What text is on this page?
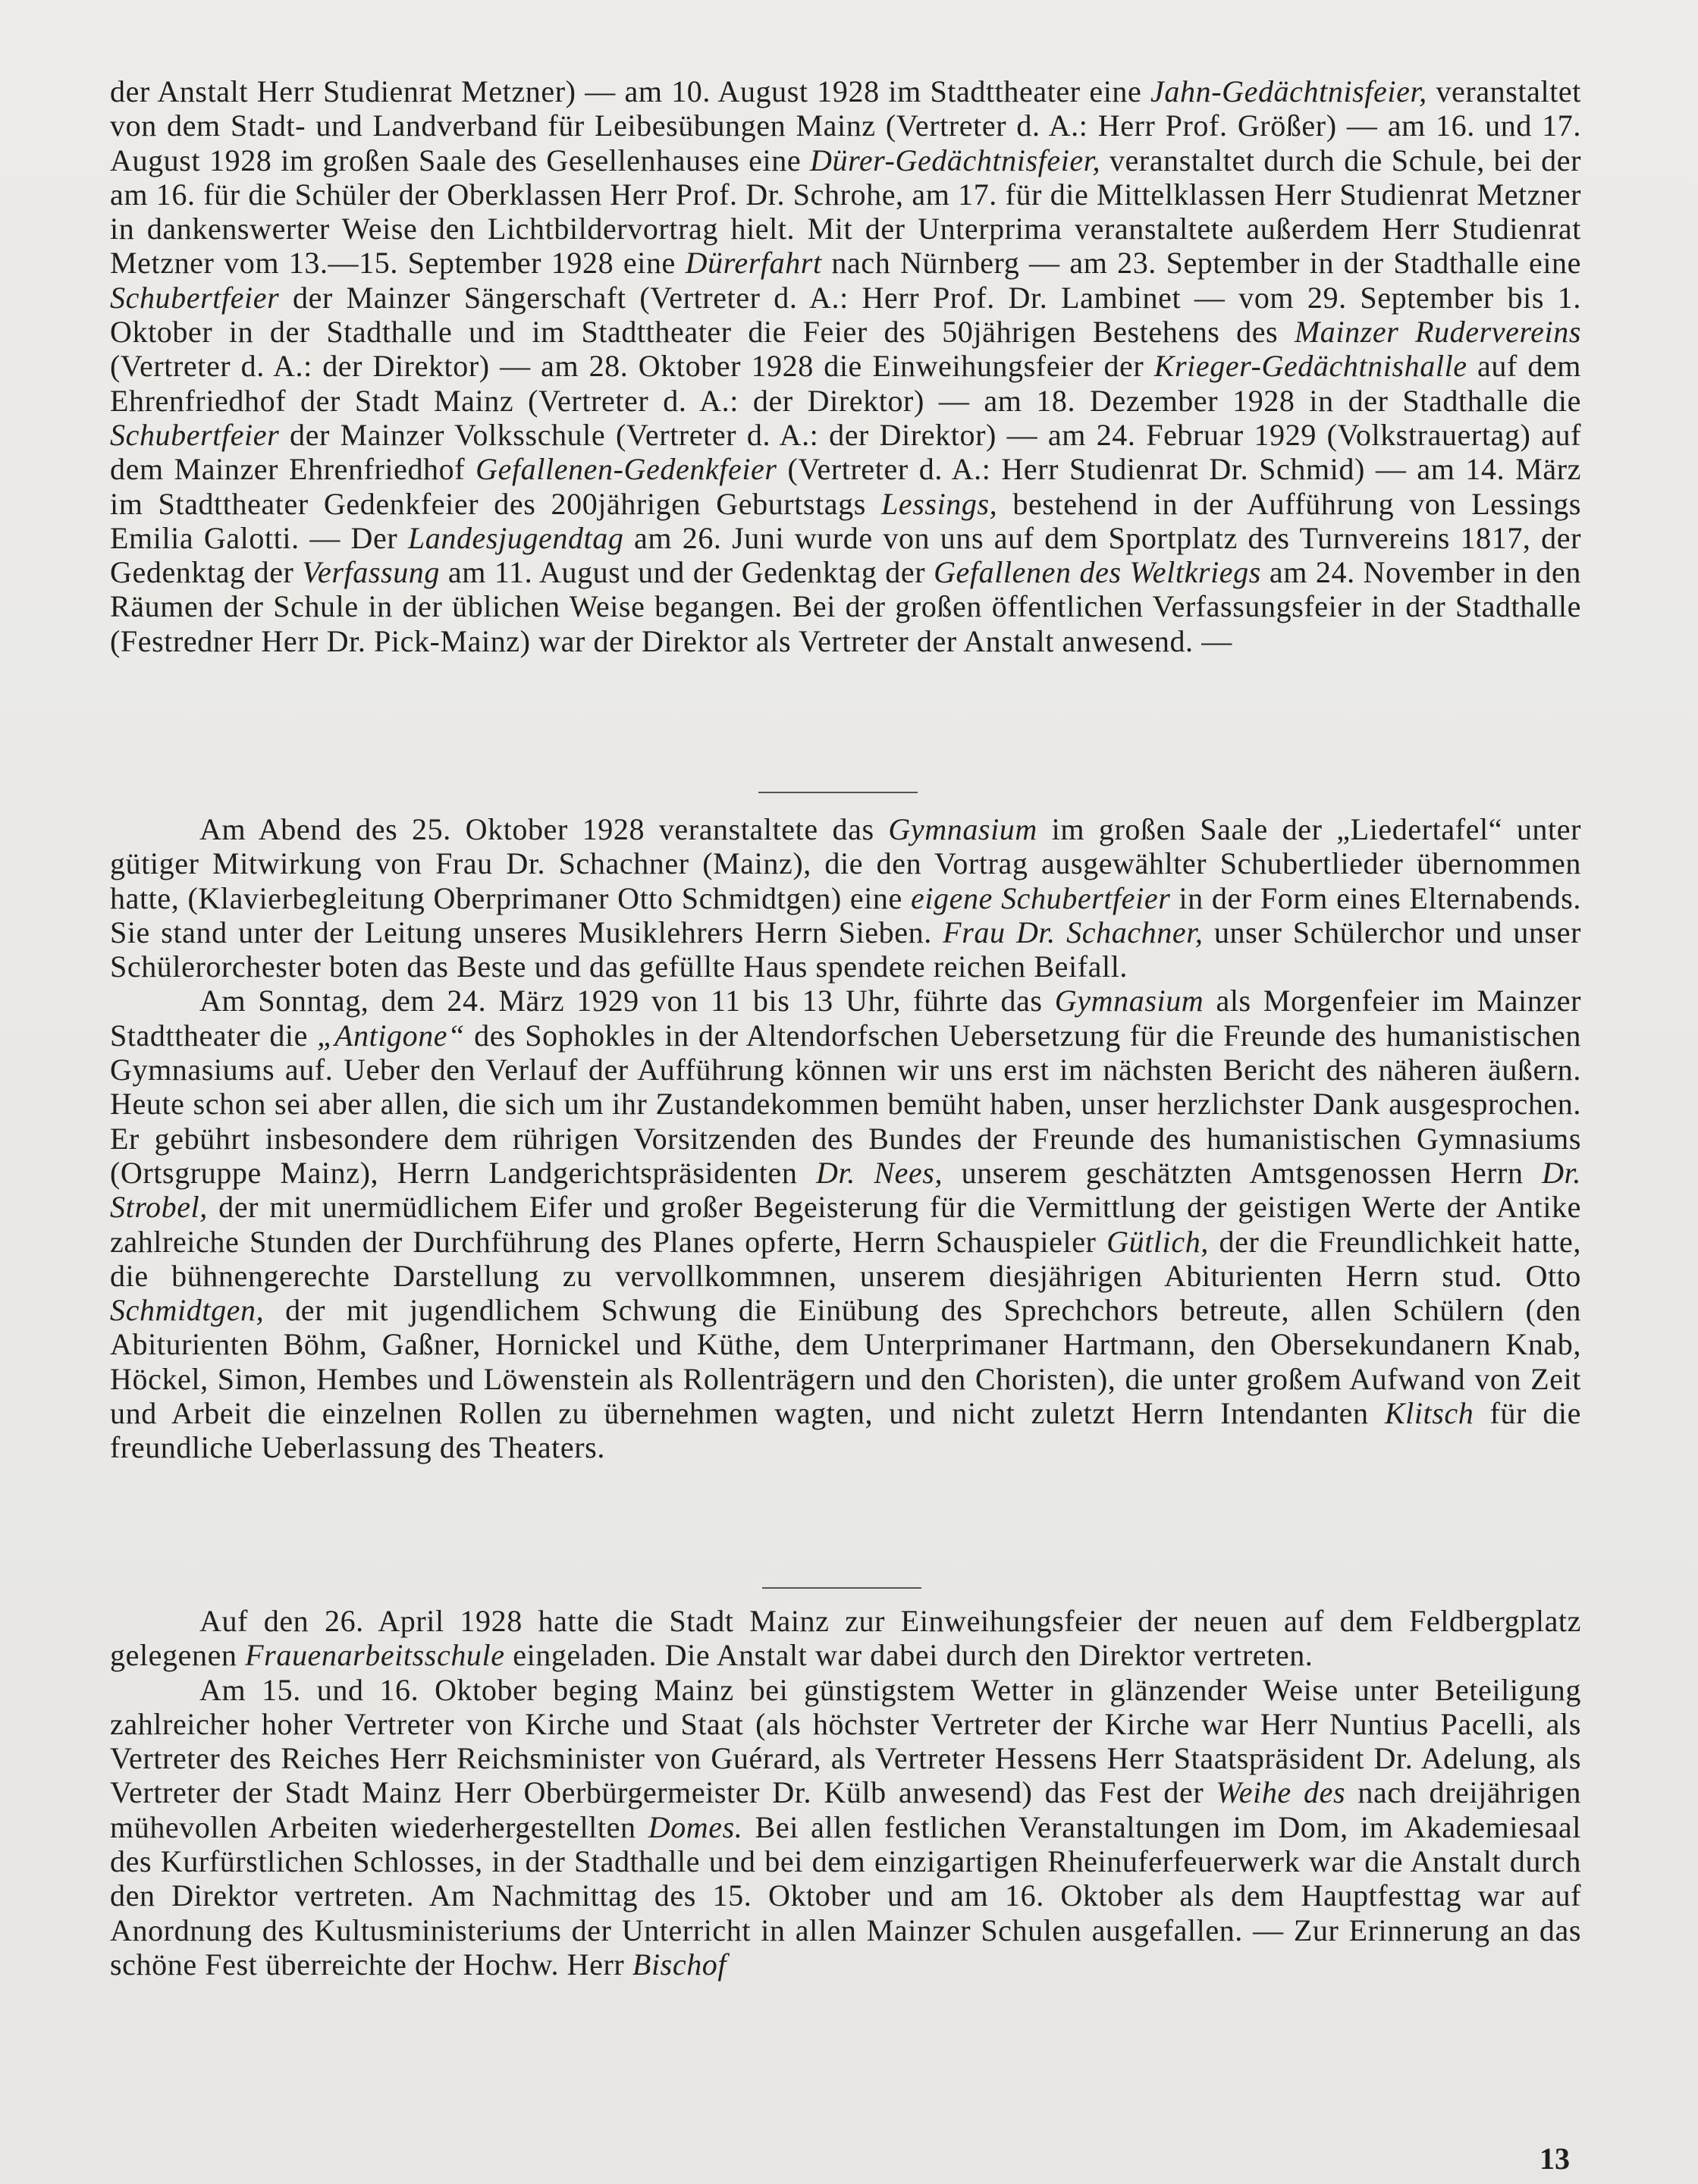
der Anstalt Herr Studienrat Metzner) — am 10. August 1928 im Stadttheater eine Jahn-Gedächtnisfeier, veranstaltet von dem Stadt- und Landverband für Leibesübungen Mainz (Vertreter d. A.: Herr Prof. Größer) — am 16. und 17. August 1928 im großen Saale des Gesellenhauses eine Dürer-Gedächtnisfeier, veranstaltet durch die Schule, bei der am 16. für die Schüler der Oberklassen Herr Prof. Dr. Schrohe, am 17. für die Mittelklassen Herr Studienrat Metzner in dankenswerter Weise den Lichtbildervortrag hielt. Mit der Unterprima veranstaltete außerdem Herr Studienrat Metzner vom 13.—15. September 1928 eine Dürerfahrt nach Nürnberg — am 23. September in der Stadthalle eine Schubertfeier der Mainzer Sängerschaft (Vertreter d. A.: Herr Prof. Dr. Lambinet — vom 29. September bis 1. Oktober in der Stadthalle und im Stadttheater die Feier des 50jährigen Bestehens des Mainzer Rudervereins (Vertreter d. A.: der Direktor) — am 28. Oktober 1928 die Einweihungsfeier der Krieger-Gedächtnishalle auf dem Ehrenfriedhof der Stadt Mainz (Vertreter d. A.: der Direktor) — am 18. Dezember 1928 in der Stadthalle die Schubertfeier der Mainzer Volksschule (Vertreter d. A.: der Direktor) — am 24. Februar 1929 (Volkstrauertag) auf dem Mainzer Ehrenfriedhof Gefallenen-Gedenkfeier (Vertreter d. A.: Herr Studienrat Dr. Schmid) — am 14. März im Stadttheater Gedenkfeier des 200jährigen Geburtstags Lessings, bestehend in der Aufführung von Lessings Emilia Galotti. — Der Landesjugendtag am 26. Juni wurde von uns auf dem Sportplatz des Turnvereins 1817, der Gedenktag der Verfassung am 11. August und der Gedenktag der Gefallenen des Weltkriegs am 24. November in den Räumen der Schule in der üblichen Weise begangen. Bei der großen öffentlichen Verfassungsfeier in der Stadthalle (Festredner Herr Dr. Pick-Mainz) war der Direktor als Vertreter der Anstalt anwesend. —

Am Abend des 25. Oktober 1928 veranstaltete das Gymnasium im großen Saale der „Liedertafel“ unter gütiger Mitwirkung von Frau Dr. Schachner (Mainz), die den Vortrag ausgewählter Schubertlieder übernommen hatte, (Klavierbegleitung Oberprimaner Otto Schmidtgen) eine eigene Schubertfeier in der Form eines Elternabends. Sie stand unter der Leitung unseres Musiklehrers Herrn Sieben. Frau Dr. Schachner, unser Schülerchor und unser Schülerorchester boten das Beste und das gefüllte Haus spendete reichen Beifall.

Am Sonntag, dem 24. März 1929 von 11 bis 13 Uhr, führte das Gymnasium als Morgenfeier im Mainzer Stadttheater die „Antigone“ des Sophokles in der Altendorfschen Uebersetzung für die Freunde des humanistischen Gymnasiums auf. Ueber den Verlauf der Aufführung können wir uns erst im nächsten Bericht des näheren äußern. Heute schon sei aber allen, die sich um ihr Zustandekommen bemüht haben, unser herzlichster Dank ausgesprochen. Er gebührt insbesondere dem rührigen Vorsitzenden des Bundes der Freunde des humanistischen Gymnasiums (Ortsgruppe Mainz), Herrn Landgerichtspräsidenten Dr. Nees, unserem geschätzten Amtsgenossen Herrn Dr. Strobel, der mit unermüdlichem Eifer und großer Begeisterung für die Vermittlung der geistigen Werte der Antike zahlreiche Stunden der Durchführung des Planes opferte, Herrn Schauspieler Gütlich, der die Freundlichkeit hatte, die bühnengerechte Darstellung zu vervollkommnen, unserem diesjährigen Abiturienten Herrn stud. Otto Schmidtgen, der mit jugendlichem Schwung die Einübung des Sprechchors betreute, allen Schülern (den Abiturienten Böhm, Gaßner, Hornickel und Küthe, dem Unterprimaner Hartmann, den Obersekundanern Knab, Höckel, Simon, Hembes und Löwenstein als Rollenträgern und den Choristen), die unter großem Aufwand von Zeit und Arbeit die einzelnen Rollen zu übernehmen wagten, und nicht zuletzt Herrn Intendanten Klitsch für die freundliche Ueberlassung des Theaters.

Auf den 26. April 1928 hatte die Stadt Mainz zur Einweihungsfeier der neuen auf dem Feldbergplatz gelegenen Frauenarbeitsschule eingeladen. Die Anstalt war dabei durch den Direktor vertreten.

Am 15. und 16. Oktober beging Mainz bei günstigstem Wetter in glänzender Weise unter Beteiligung zahlreicher hoher Vertreter von Kirche und Staat (als höchster Vertreter der Kirche war Herr Nuntius Pacelli, als Vertreter des Reiches Herr Reichsminister von Guérard, als Vertreter Hessens Herr Staatspräsident Dr. Adelung, als Vertreter der Stadt Mainz Herr Oberbürgermeister Dr. Külb anwesend) das Fest der Weihe des nach dreijährigen mühevollen Arbeiten wiederhergestellten Domes. Bei allen festlichen Veranstaltungen im Dom, im Akademiesaal des Kurfürstlichen Schlosses, in der Stadthalle und bei dem einzigartigen Rheinuferfeuerwerk war die Anstalt durch den Direktor vertreten. Am Nachmittag des 15. Oktober und am 16. Oktober als dem Hauptfesttag war auf Anordnung des Kultusministeriums der Unterricht in allen Mainzer Schulen ausgefallen. — Zur Erinnerung an das schöne Fest überreichte der Hochw. Herr Bischof

13
